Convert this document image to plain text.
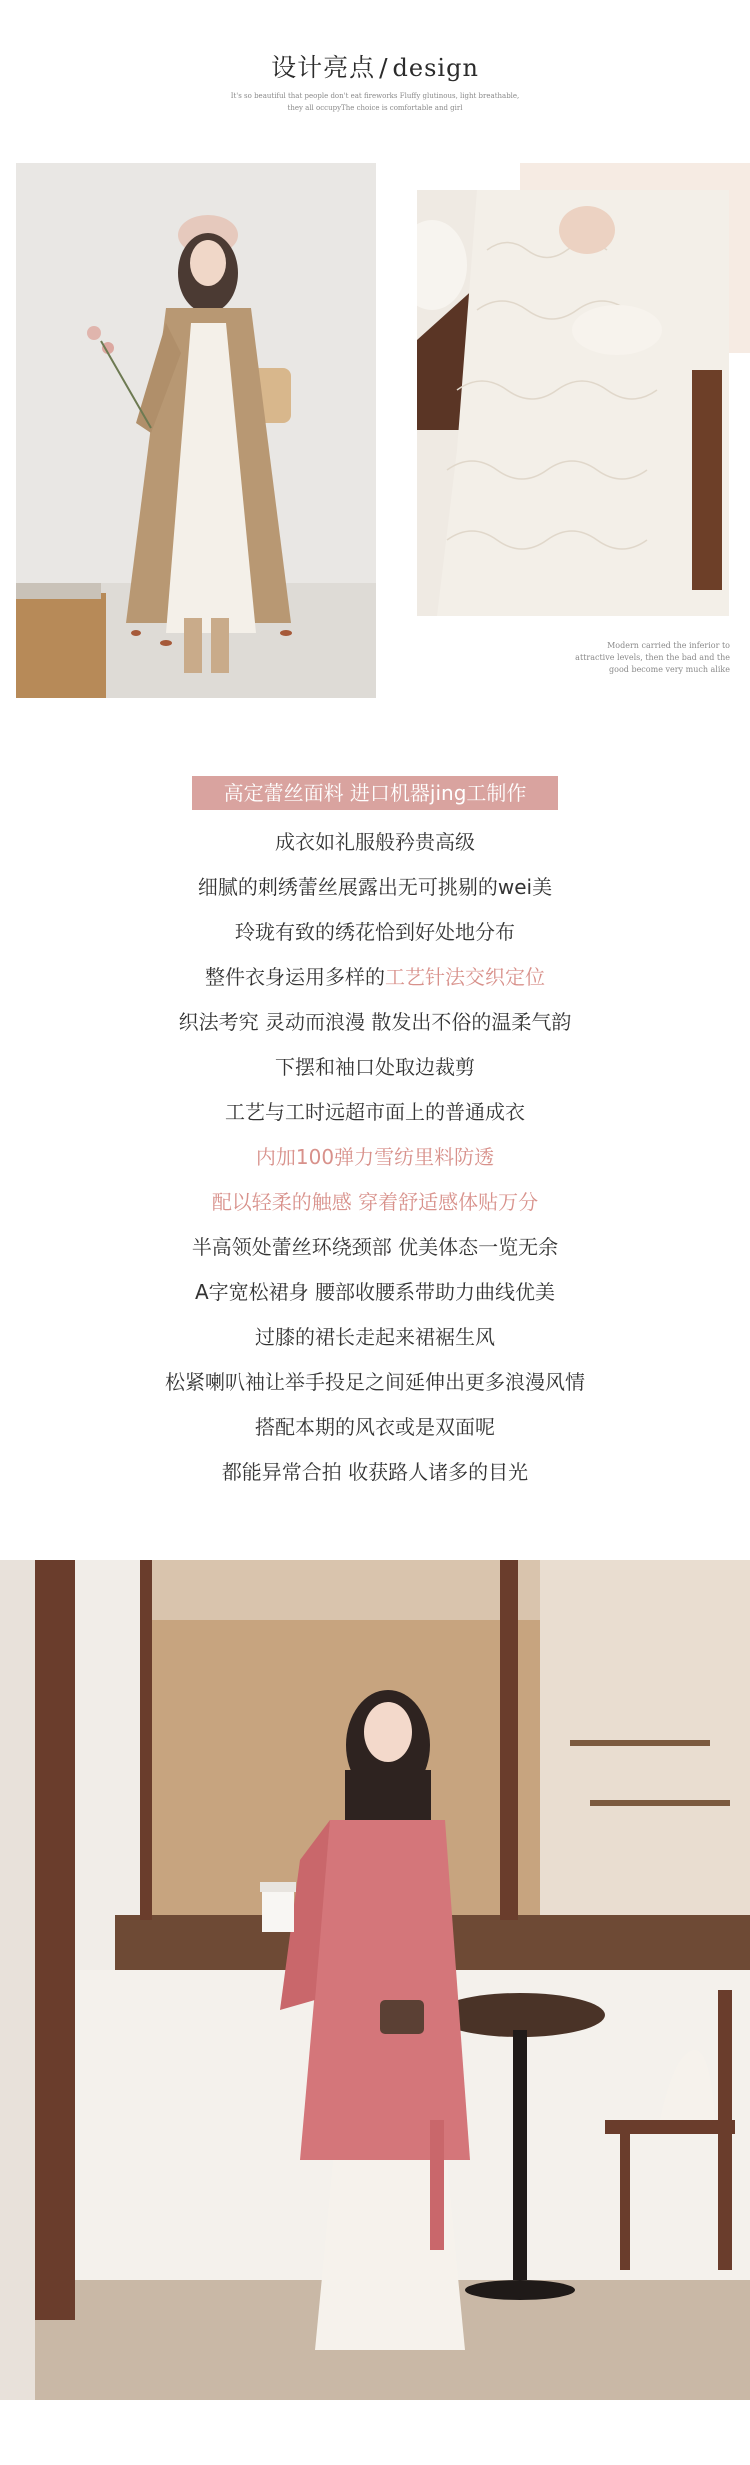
设计亮点 / design
It's so beautiful that people don't eat fireworks Fluffy glutinous, light breathable,
they all occupyThe choice is comfortable and girl
Modern carried the inferior to
attractive levels, then the bad and the
good become very much alike
高定蕾丝面料 进口机器jing工制作
成衣如礼服般矜贵高级
细腻的刺绣蕾丝展露出无可挑剔的wei美
玲珑有致的绣花恰到好处地分布
整件衣身运用多样的工艺针法交织定位
织法考究 灵动而浪漫 散发出不俗的温柔气韵
下摆和袖口处取边裁剪
工艺与工时远超市面上的普通成衣
内加100弹力雪纺里料防透
配以轻柔的触感 穿着舒适感体贴万分
半高领处蕾丝环绕颈部 优美体态一览无余
A字宽松裙身 腰部收腰系带助力曲线优美
过膝的裙长走起来裙裾生风
松紧喇叭袖让举手投足之间延伸出更多浪漫风情
搭配本期的风衣或是双面呢
都能异常合拍 收获路人诸多的目光
